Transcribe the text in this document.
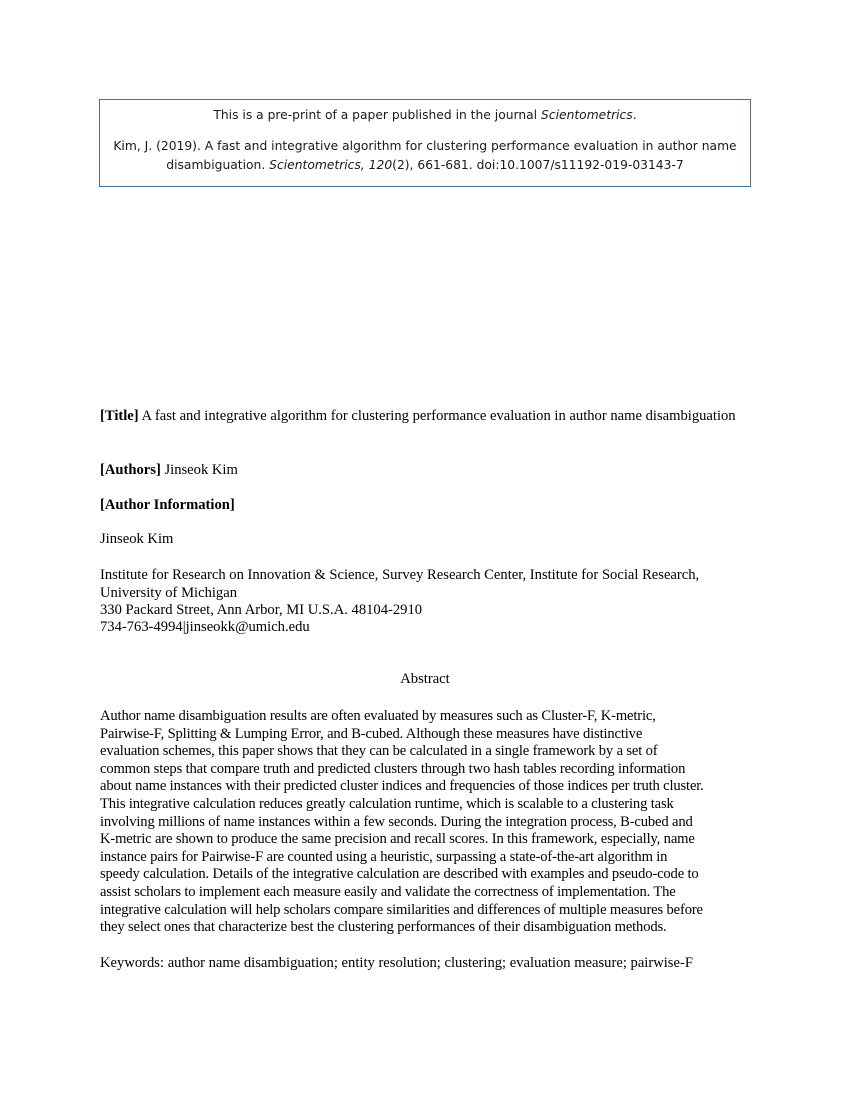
This is a pre-print of a paper published in the journal Scientometrics.
Kim, J. (2019). A fast and integrative algorithm for clustering performance evaluation in author name disambiguation. Scientometrics, 120(2), 661-681. doi:10.1007/s11192-019-03143-7
[Title] A fast and integrative algorithm for clustering performance evaluation in author name disambiguation
[Authors] Jinseok Kim
[Author Information]
Jinseok Kim
Institute for Research on Innovation & Science, Survey Research Center, Institute for Social Research, University of Michigan
330 Packard Street, Ann Arbor, MI U.S.A. 48104-2910
734-763-4994|jinseokk@umich.edu
Abstract
Author name disambiguation results are often evaluated by measures such as Cluster-F, K-metric,
Pairwise-F, Splitting & Lumping Error, and B-cubed. Although these measures have distinctive
evaluation schemes, this paper shows that they can be calculated in a single framework by a set of
common steps that compare truth and predicted clusters through two hash tables recording information
about name instances with their predicted cluster indices and frequencies of those indices per truth cluster.
This integrative calculation reduces greatly calculation runtime, which is scalable to a clustering task
involving millions of name instances within a few seconds. During the integration process, B-cubed and
K-metric are shown to produce the same precision and recall scores. In this framework, especially, name
instance pairs for Pairwise-F are counted using a heuristic, surpassing a state-of-the-art algorithm in
speedy calculation. Details of the integrative calculation are described with examples and pseudo-code to
assist scholars to implement each measure easily and validate the correctness of implementation. The
integrative calculation will help scholars compare similarities and differences of multiple measures before
they select ones that characterize best the clustering performances of their disambiguation methods.
Keywords: author name disambiguation; entity resolution; clustering; evaluation measure; pairwise-F
